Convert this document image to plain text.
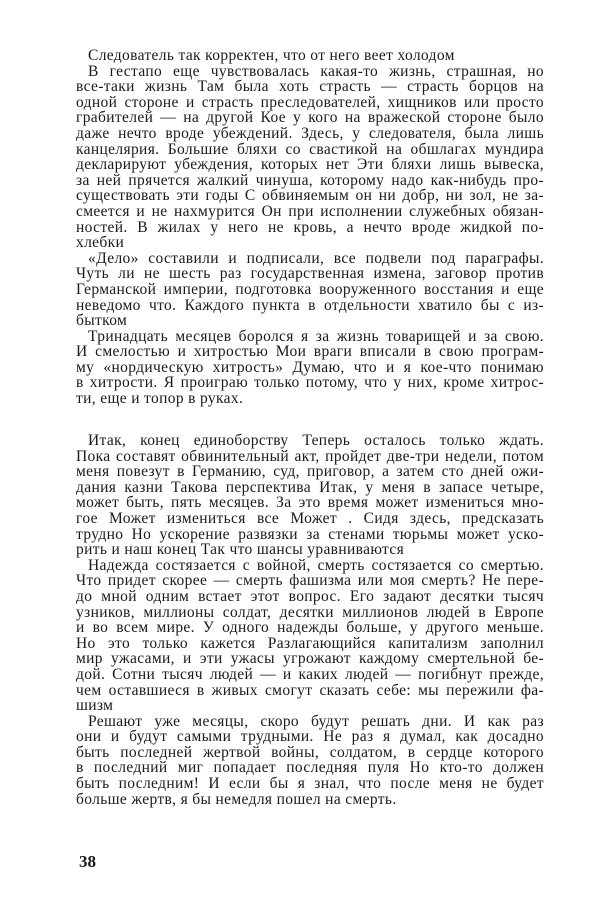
Следователь так корректен, что от него веет холодом
В гестапо еще чувствовалась какая-то жизнь, страшная, но
все-таки жизнь Там была хоть страсть — страсть борцов на
одной стороне и страсть преследователей, хищников или просто
грабителей — на другой Кое у кого на вражеской стороне было
даже нечто вроде убеждений. Здесь, у следователя, была лишь
канцелярия. Большие бляхи со свастикой на обшлагах мундира
декларируют убеждения, которых нет Эти бляхи лишь вывеска,
за ней прячется жалкий чинуша, которому надо как-нибудь про-
существовать эти годы С обвиняемым он ни добр, ни зол, не за-
смеется и не нахмурится Он при исполнении служебных обязан-
ностей. В жилах у него не кровь, а нечто вроде жидкой по-
хлебки
«Дело» составили и подписали, все подвели под параграфы.
Чуть ли не шесть раз государственная измена, заговор против
Германской империи, подготовка вооруженного восстания и еще
неведомо что. Каждого пункта в отдельности хватило бы с из-
бытком
Тринадцать месяцев боролся я за жизнь товарищей и за свою.
И смелостью и хитростью Мои враги вписали в свою програм-
му «нордическую хитрость» Думаю, что и я кое-что понимаю
в хитрости. Я проиграю только потому, что у них, кроме хитрос-
ти, еще и топор в руках.
Итак, конец единоборству Теперь осталось только ждать.
Пока составят обвинительный акт, пройдет две-три недели, потом
меня повезут в Германию, суд, приговор, а затем сто дней ожи-
дания казни Такова перспектива Итак, у меня в запасе четыре,
может быть, пять месяцев. За это время может измениться мно-
гое Может измениться все Может . Сидя здесь, предсказать
трудно Но ускорение развязки за стенами тюрьмы может уско-
рить и наш конец Так что шансы уравниваются
Надежда состязается с войной, смерть состязается со смертью.
Что придет скорее — смерть фашизма или моя смерть? Не пере-
до мной одним встает этот вопрос. Его задают десятки тысяч
узников, миллионы солдат, десятки миллионов людей в Европе
и во всем мире. У одного надежды больше, у другого меньше.
Но это только кажется Разлагающийся капитализм заполнил
мир ужасами, и эти ужасы угрожают каждому смертельной бе-
дой. Сотни тысяч людей — и каких людей — погибнут прежде,
чем оставшиеся в живых смогут сказать себе: мы пережили фа-
шизм
Решают уже месяцы, скоро будут решать дни. И как раз
они и будут самыми трудными. Не раз я думал, как досадно
быть последней жертвой войны, солдатом, в сердце которого
в последний миг попадает последняя пуля Но кто-то должен
быть последним! И если бы я знал, что после меня не будет
больше жертв, я бы немедля пошел на смерть.
38
